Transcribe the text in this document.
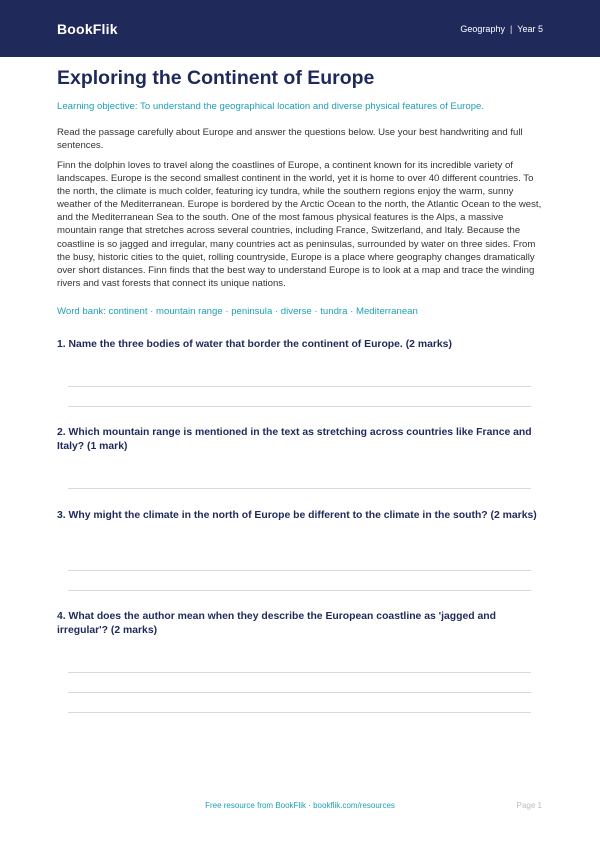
BookFlik	Geography | Year 5
Exploring the Continent of Europe

Learning objective: To understand the geographical location and diverse physical features of Europe.

Read the passage carefully about Europe and answer the questions below. Use your best handwriting and full sentences.

Finn the dolphin loves to travel along the coastlines of Europe, a continent known for its incredible variety of landscapes. Europe is the second smallest continent in the world, yet it is home to over 40 different countries. To the north, the climate is much colder, featuring icy tundra, while the southern regions enjoy the warm, sunny weather of the Mediterranean. Europe is bordered by the Arctic Ocean to the north, the Atlantic Ocean to the west, and the Mediterranean Sea to the south. One of the most famous physical features is the Alps, a massive mountain range that stretches across several countries, including France, Switzerland, and Italy. Because the coastline is so jagged and irregular, many countries act as peninsulas, surrounded by water on three sides. From the busy, historic cities to the quiet, rolling countryside, Europe is a place where geography changes dramatically over short distances. Finn finds that the best way to understand Europe is to look at a map and trace the winding rivers and vast forests that connect its unique nations.

Word bank: continent · mountain range · peninsula · diverse · tundra · Mediterranean

1. Name the three bodies of water that border the continent of Europe. (2 marks)

2. Which mountain range is mentioned in the text as stretching across countries like France and Italy? (1 mark)

3. Why might the climate in the north of Europe be different to the climate in the south? (2 marks)

4. What does the author mean when they describe the European coastline as 'jagged and irregular'? (2 marks)

Free resource from BookFlik · bookflik.com/resources	Page 1
